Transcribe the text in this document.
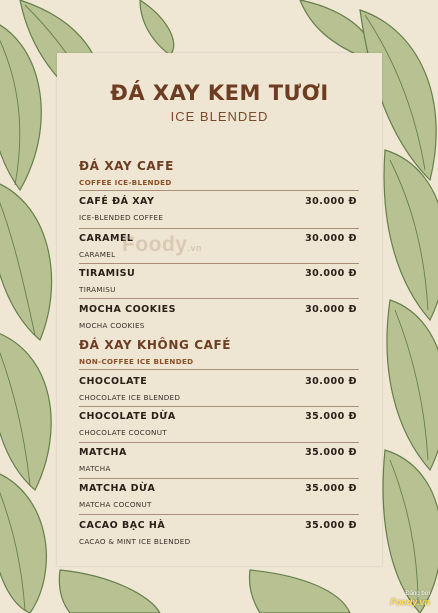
ĐÁ XAY KEM TƯƠI
ICE BLENDED
ĐÁ XAY CAFE
COFFEE ICE-BLENDED
CAFÉ ĐÁ XAY	30.000 Đ
ICE-BLENDED COFFEE
CARAMEL	30.000 Đ
CARAMEL
TIRAMISU	30.000 Đ
TIRAMISU
MOCHA COOKIES	30.000 Đ
MOCHA COOKIES
ĐÁ XAY KHÔNG CAFÉ
NON-COFFEE ICE BLENDED
CHOCOLATE	30.000 Đ
CHOCOLATE ICE BLENDED
CHOCOLATE DỪA	35.000 Đ
CHOCOLATE COCONUT
MATCHA	35.000 Đ
MATCHA
MATCHA DỪA	35.000 Đ
MATCHA COCONUT
CACAO BẠC HÀ	35.000 Đ
CACAO & MINT ICE BLENDED
Foody.vn
Đăng bởi
Foody.vn
